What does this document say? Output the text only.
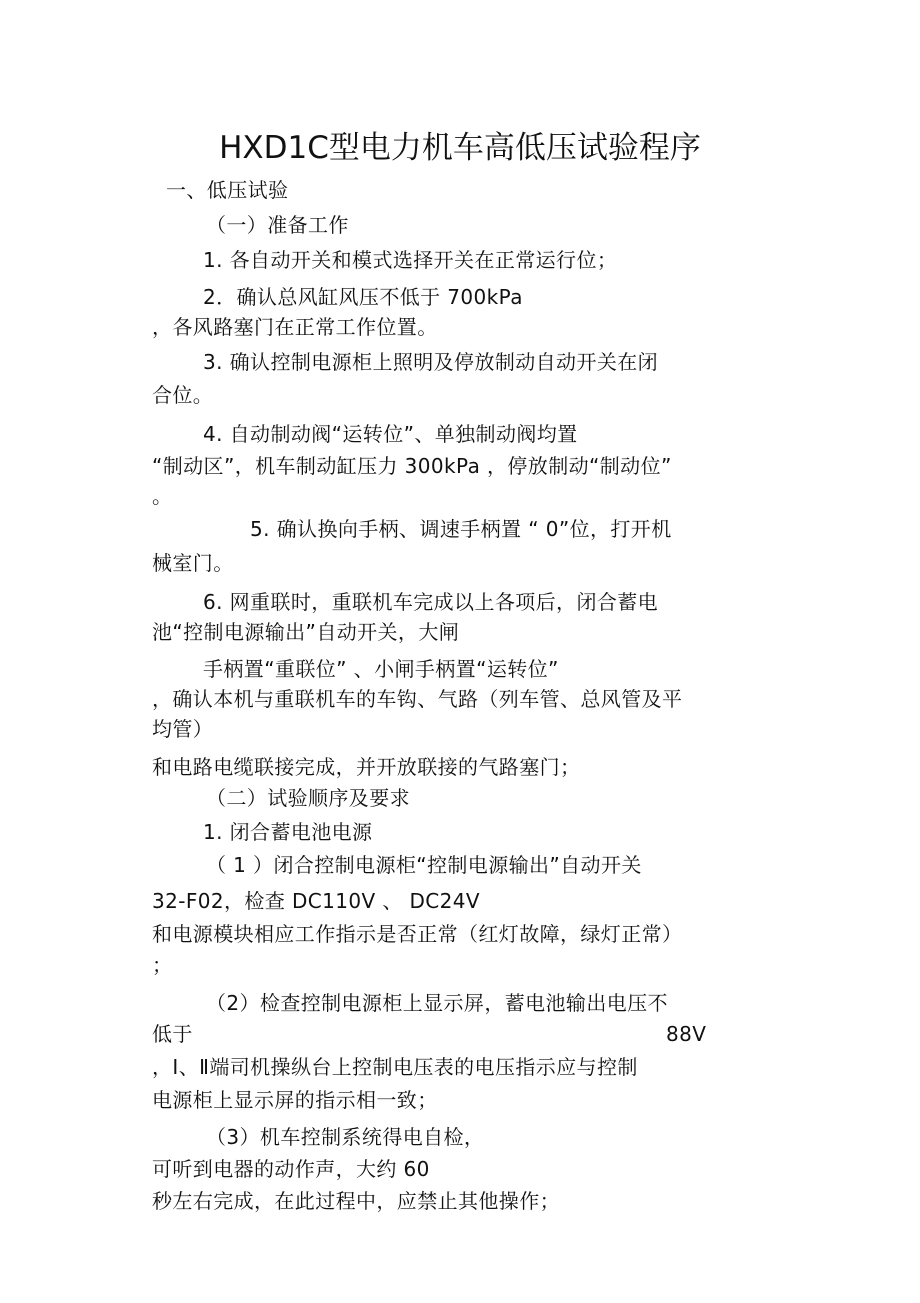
HXD1C型电力机车高低压试验程序
一、低压试验
（一）准备工作
1. 各自动开关和模式选择开关在正常运行位；
2．确认总风缸风压不低于 700kPa
，各风路塞门在正常工作位置。
3. 确认控制电源柜上照明及停放制动自动开关在闭
合位。
4. 自动制动阀“运转位”、单独制动阀均置
“制动区”，机车制动缸压力 300kPa ，停放制动“制动位”
。
5. 确认换向手柄、调速手柄置 “ 0”位，打开机
械室门。
6. 网重联时，重联机车完成以上各项后，闭合蓄电
池“控制电源输出”自动开关，大闸
手柄置“重联位” 、小闸手柄置“运转位”
，确认本机与重联机车的车钩、气路（列车管、总风管及平
均管）
和电路电缆联接完成，并开放联接的气路塞门；
（二）试验顺序及要求
1. 闭合蓄电池电源
（ 1 ）闭合控制电源柜“控制电源输出”自动开关
32-F02，检查 DC110V 、 DC24V
和电源模块相应工作指示是否正常（红灯故障，绿灯正常）
；
（2）检查控制电源柜上显示屏，蓄电池输出电压不
低于	88V
，Ⅰ、Ⅱ端司机操纵台上控制电压表的电压指示应与控制
电源柜上显示屏的指示相一致；
（3）机车控制系统得电自检，
可听到电器的动作声，大约 60
秒左右完成，在此过程中，应禁止其他操作；
